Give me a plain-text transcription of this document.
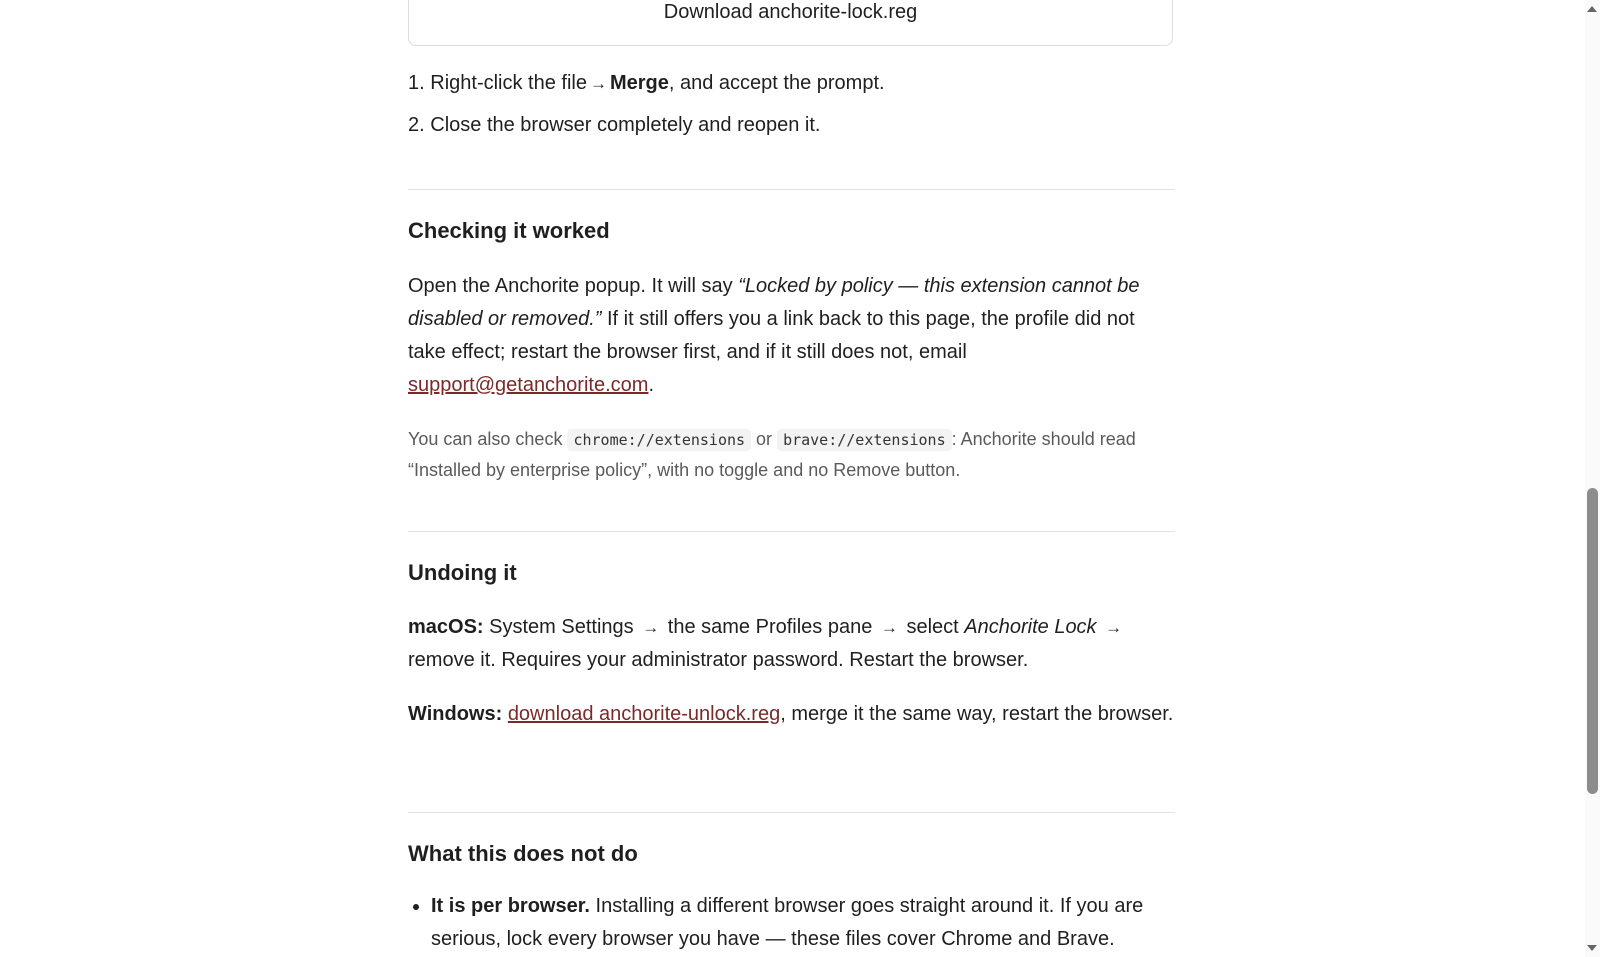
Download anchorite-lock.reg
1. Right-click the file → Merge, and accept the prompt.
2. Close the browser completely and reopen it.
Checking it worked
Open the Anchorite popup. It will say “Locked by policy — this extension cannot be disabled or removed.” If it still offers you a link back to this page, the profile did not take effect; restart the browser first, and if it still does not, email support@getanchorite.com.
You can also check chrome://extensions or brave://extensions : Anchorite should read “Installed by enterprise policy”, with no toggle and no Remove button.
Undoing it
macOS: System Settings → the same Profiles pane → select Anchorite Lock → remove it. Requires your administrator password. Restart the browser.
Windows: download anchorite-unlock.reg, merge it the same way, restart the browser.
What this does not do
• It is per browser. Installing a different browser goes straight around it. If you are serious, lock every browser you have — these files cover Chrome and Brave.
